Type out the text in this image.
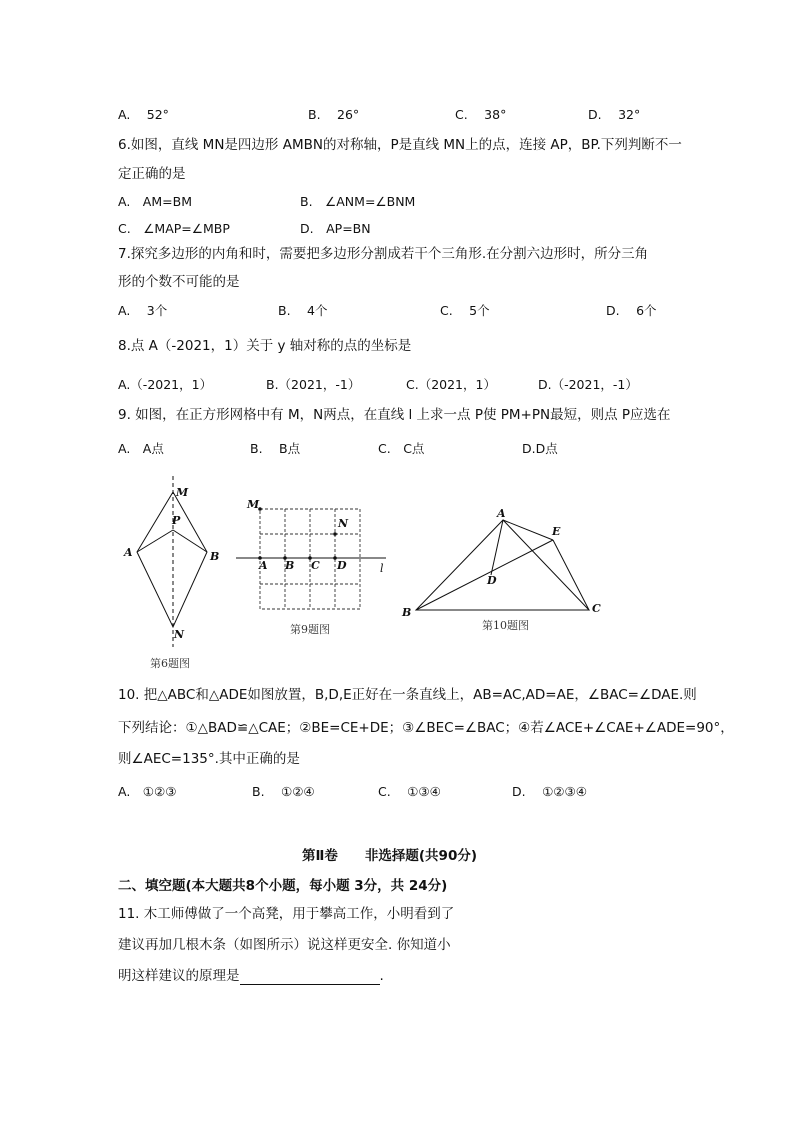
A.　 52°	B.　 26°	C.　 38°	D.　 32°
6.如图，直线 MN是四边形 AMBN的对称轴，P是直线 MN上的点，连接 AP，BP.下列判断不一
定正确的是
A.　AM=BM	B.　∠ANM=∠BNM
C.　∠MAP=∠MBP	D.　AP=BN
7.探究多边形的内角和时，需要把多边形分割成若干个三角形.在分割六边形时，所分三角
形的个数不可能的是
A.　 3个	B.　 4个	C.　 5个	D.　 6个
8.点 A（-2021，1）关于 y 轴对称的点的坐标是
A.（-2021，1）	B.（2021，-1）	C.（2021，1）	D.（-2021，-1）
9. 如图，在正方形网格中有 M，N两点，在直线 l 上求一点 P使 PM+PN最短，则点 P应选在
A.　A点	B.　 B点	C.　C点	D.D点
M
P
A	B
N
第6题图
M
N
A B C D	l
第9题图
A
E
D
B	C
第10题图
10. 把△ABC和△ADE如图放置，B,D,E正好在一条直线上，AB=AC,AD=AE，∠BAC=∠DAE.则
下列结论：①△BAD≌△CAE；②BE=CE+DE；③∠BEC=∠BAC；④若∠ACE+∠CAE+∠ADE=90°，
则∠AEC=135°.其中正确的是
A.　①②③	B.　 ①②④	C.　 ①③④	D.　 ①②③④
第Ⅱ卷　　非选择题(共90分)
二、填空题(本大题共8个小题，每小题 3分，共 24分)
11. 木工师傅做了一个高凳，用于攀高工作，小明看到了
建议再加几根木条（如图所示）说这样更安全. 你知道小
明这样建议的原理是	.
